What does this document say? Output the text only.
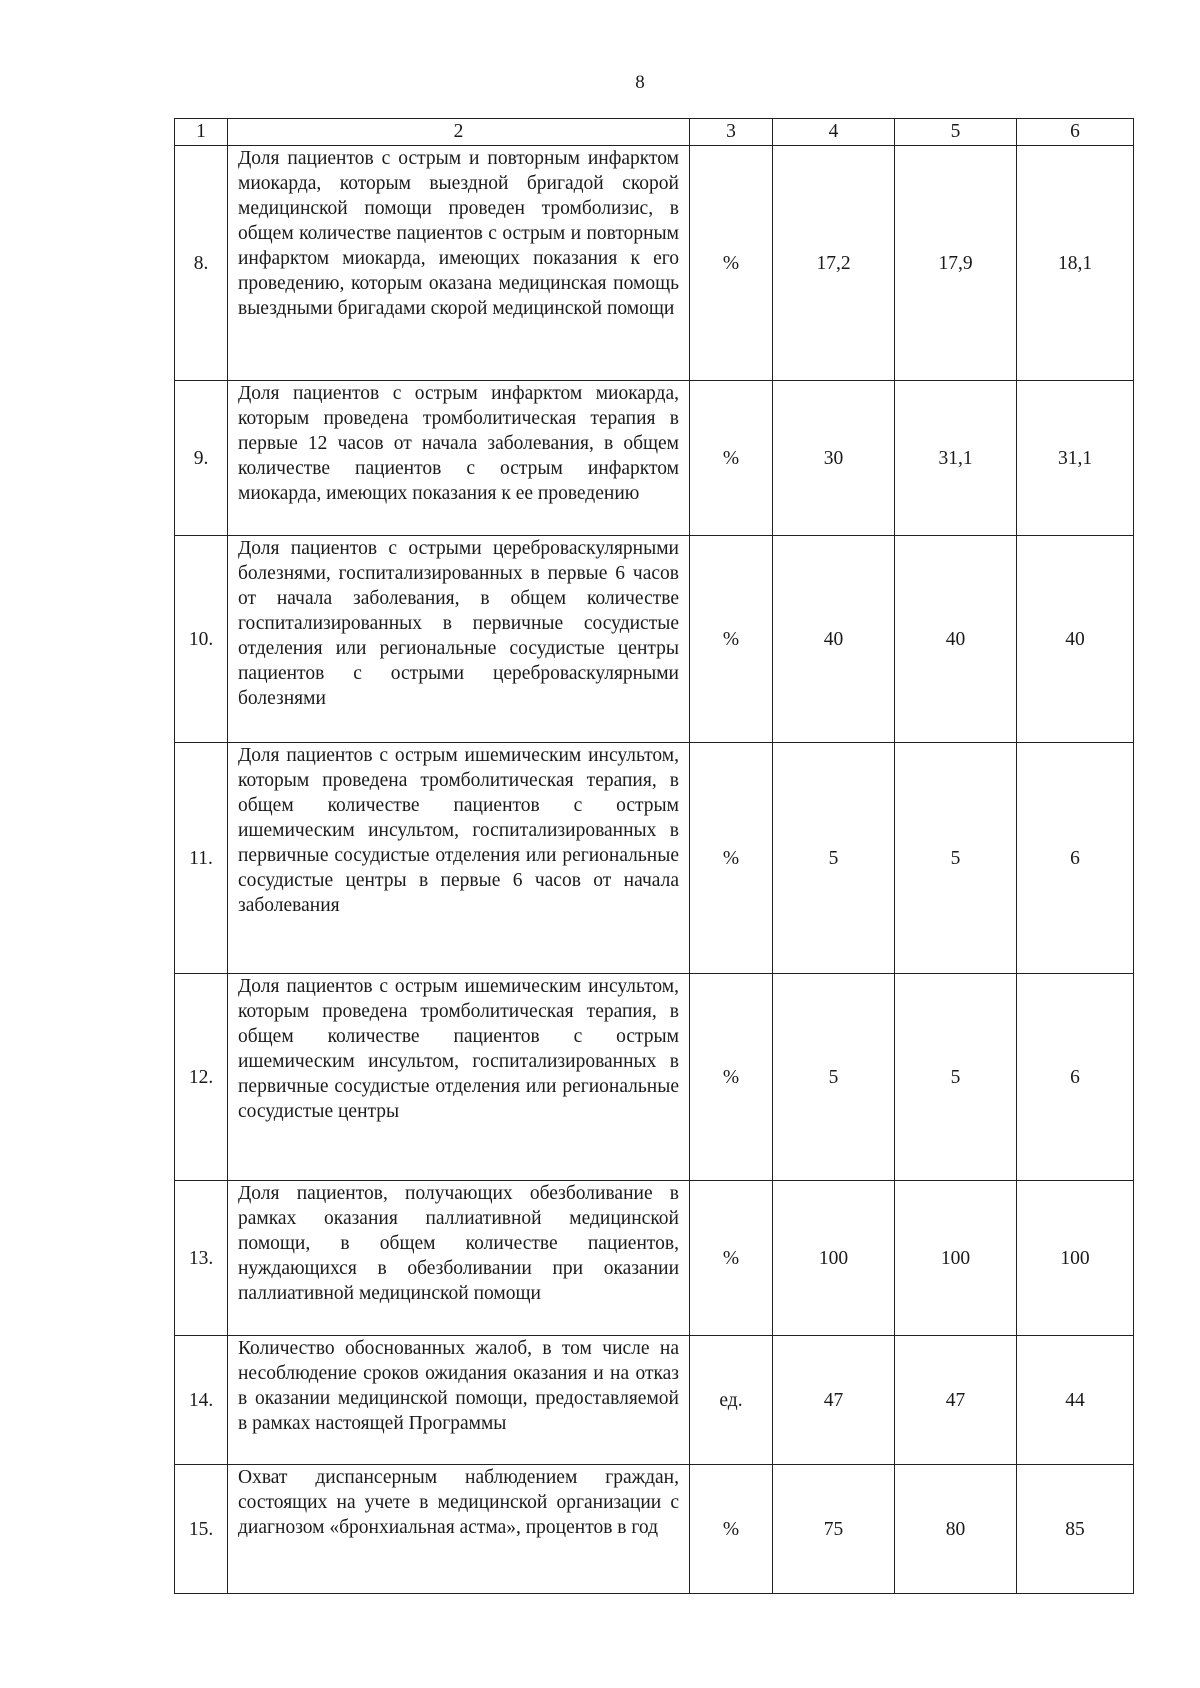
8
1	2	3	4	5	6
8.	Доля пациентов с острым и повторным инфарктом миокарда, которым выездной бригадой скорой медицинской помощи проведен тромболизис, в общем количестве пациентов с острым и повторным инфарктом миокарда, имеющих показания к его проведению, которым оказана медицинская помощь выездными бригадами скорой медицинской помощи	%	17,2	17,9	18,1
9.	Доля пациентов с острым инфарктом миокарда, которым проведена тромболитическая терапия в первые 12 часов от начала заболевания, в общем количестве пациентов с острым инфарктом миокарда, имеющих показания к ее проведению	%	30	31,1	31,1
10.	Доля пациентов с острыми цереброваскулярными болезнями, госпитализированных в первые 6 часов от начала заболевания, в общем количестве госпитализированных в первичные сосудистые отделения или региональные сосудистые центры пациентов с острыми цереброваскулярными болезнями	%	40	40	40
11.	Доля пациентов с острым ишемическим инсультом, которым проведена тромболитическая терапия, в общем количестве пациентов с острым ишемическим инсультом, госпитализированных в первичные сосудистые отделения или региональные сосудистые центры в первые 6 часов от начала заболевания	%	5	5	6
12.	Доля пациентов с острым ишемическим инсультом, которым проведена тромболитическая терапия, в общем количестве пациентов с острым ишемическим инсультом, госпитализированных в первичные сосудистые отделения или региональные сосудистые центры	%	5	5	6
13.	Доля пациентов, получающих обезболивание в рамках оказания паллиативной медицинской помощи, в общем количестве пациентов, нуждающихся в обезболивании при оказании паллиативной медицинской помощи	%	100	100	100
14.	Количество обоснованных жалоб, в том числе на несоблюдение сроков ожидания оказания и на отказ в оказании медицинской помощи, предоставляемой в рамках настоящей Программы	ед.	47	47	44
15.	Охват диспансерным наблюдением граждан, состоящих на учете в медицинской организации с диагнозом «бронхиальная астма», процентов в год	%	75	80	85
